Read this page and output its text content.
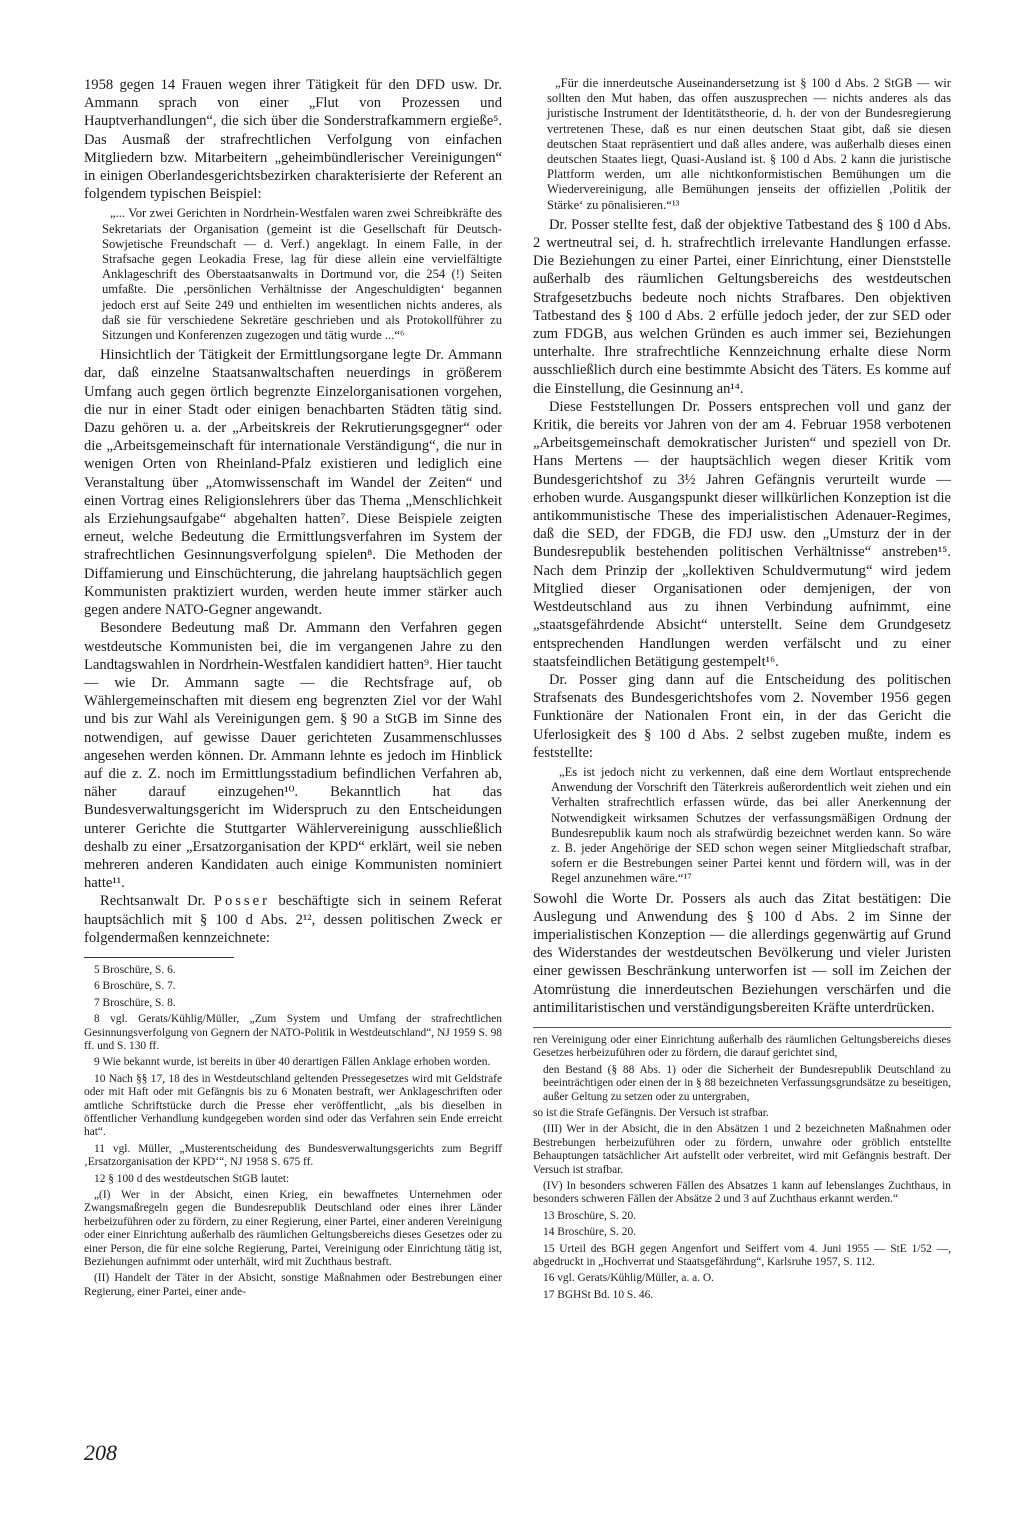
1958 gegen 14 Frauen wegen ihrer Tätigkeit für den DFD usw. Dr. Ammann sprach von einer „Flut von Prozessen und Hauptverhandlungen“, die sich über die Sonderstrafkammern ergieße⁵. Das Ausmaß der strafrechtlichen Verfolgung von einfachen Mitgliedern bzw. Mitarbeitern „geheimbündlerischer Vereinigungen“ in einigen Oberlandesgerichtsbezirken charakterisierte der Referent an folgendem typischen Beispiel:

„... Vor zwei Gerichten in Nordrhein-Westfalen waren zwei Schreibkräfte des Sekretariats der Organisation (gemeint ist die Gesellschaft für Deutsch-Sowjetische Freundschaft — d. Verf.) angeklagt. In einem Falle, in der Strafsache gegen Leokadia Frese, lag für diese allein eine vervielfältigte Anklageschrift des Oberstaatsanwalts in Dortmund vor, die 254 (!) Seiten umfaßte. Die ‚persönlichen Verhältnisse der Angeschuldigten‘ begannen jedoch erst auf Seite 249 und enthielten im wesentlichen nichts anderes, als daß sie für verschiedene Sekretäre geschrieben und als Protokollführer zu Sitzungen und Konferenzen zugezogen und tätig wurde ...“⁶

Hinsichtlich der Tätigkeit der Ermittlungsorgane legte Dr. Ammann dar, daß einzelne Staatsanwaltschaften neuerdings in größerem Umfang auch gegen örtlich begrenzte Einzelorganisationen vorgehen, die nur in einer Stadt oder einigen benachbarten Städten tätig sind. Dazu gehören u. a. der „Arbeitskreis der Rekrutierungsgegner“ oder die „Arbeitsgemeinschaft für internationale Verständigung“, die nur in wenigen Orten von Rheinland-Pfalz existieren und lediglich eine Veranstaltung über „Atomwissenschaft im Wandel der Zeiten“ und einen Vortrag eines Religionslehrers über das Thema „Menschlichkeit als Erziehungsaufgabe“ abgehalten hatten⁷. Diese Beispiele zeigten erneut, welche Bedeutung die Ermittlungsverfahren im System der strafrechtlichen Gesinnungsverfolgung spielen⁸. Die Methoden der Diffamierung und Einschüchterung, die jahrelang hauptsächlich gegen Kommunisten praktiziert wurden, werden heute immer stärker auch gegen andere NATO-Gegner angewandt.

Besondere Bedeutung maß Dr. Ammann den Verfahren gegen westdeutsche Kommunisten bei, die im vergangenen Jahre zu den Landtagswahlen in Nordrhein-Westfalen kandidiert hatten⁹. Hier taucht — wie Dr. Ammann sagte — die Rechtsfrage auf, ob Wählergemeinschaften mit diesem eng begrenzten Ziel vor der Wahl und bis zur Wahl als Vereinigungen gem. § 90 a StGB im Sinne des notwendigen, auf gewisse Dauer gerichteten Zusammenschlusses angesehen werden können. Dr. Ammann lehnte es jedoch im Hinblick auf die z. Z. noch im Ermittlungsstadium befindlichen Verfahren ab, näher darauf einzugehen¹⁰. Bekanntlich hat das Bundesverwaltungsgericht im Widerspruch zu den Entscheidungen unterer Gerichte die Stuttgarter Wählervereinigung ausschließlich deshalb zu einer „Ersatzorganisation der KPD“ erklärt, weil sie neben mehreren anderen Kandidaten auch einige Kommunisten nominiert hatte¹¹.

Rechtsanwalt Dr. Posser beschäftigte sich in seinem Referat hauptsächlich mit § 100 d Abs. 2¹², dessen politischen Zweck er folgendermaßen kennzeichnete:

5 Broschüre, S. 6.

6 Broschüre, S. 7.

7 Broschüre, S. 8.

8 vgl. Gerats/Kühlig/Müller, „Zum System und Umfang der strafrechtlichen Gesinnungsverfolgung von Gegnern der NATO-Politik in Westdeutschland“, NJ 1959 S. 98 ff. und S. 130 ff.

9 Wie bekannt wurde, ist bereits in über 40 derartigen Fällen Anklage erhoben worden.

10 Nach §§ 17, 18 des in Westdeutschland geltenden Pressegesetzes wird mit Geldstrafe oder mit Haft oder mit Gefängnis bis zu 6 Monaten bestraft, wer Anklageschriften oder amtliche Schriftstücke durch die Presse eher veröffentlicht, „als bis dieselben in öffentlicher Verhandlung kundgegeben worden sind oder das Verfahren sein Ende erreicht hat“.

11 vgl. Müller, „Musterentscheidung des Bundesverwaltungsgerichts zum Begriff ‚Ersatzorganisation der KPD‘“, NJ 1958 S. 675 ff.

12 § 100 d des westdeutschen StGB lautet:

„(I) Wer in der Absicht, einen Krieg, ein bewaffnetes Unternehmen oder Zwangsmaßregeln gegen die Bundesrepublik Deutschland oder eines ihrer Länder herbeizuführen oder zu fördern, zu einer Regierung, einer Partei, einer anderen Vereinigung oder einer Einrichtung außerhalb des räumlichen Geltungsbereichs dieses Gesetzes oder zu einer Person, die für eine solche Regierung, Partei, Vereinigung oder Einrichtung tätig ist, Beziehungen aufnimmt oder unterhält, wird mit Zuchthaus bestraft.

(II) Handelt der Täter in der Absicht, sonstige Maßnahmen oder Bestrebungen einer Regierung, einer Partei, einer ande-

„Für die innerdeutsche Auseinandersetzung ist § 100 d Abs. 2 StGB — wir sollten den Mut haben, das offen auszusprechen — nichts anderes als das juristische Instrument der Identitätstheorie, d. h. der von der Bundesregierung vertretenen These, daß es nur einen deutschen Staat gibt, daß sie diesen deutschen Staat repräsentiert und daß alles andere, was außerhalb dieses einen deutschen Staates liegt, Quasi-Ausland ist. § 100 d Abs. 2 kann die juristische Plattform werden, um alle nichtkonformistischen Bemühungen um die Wiedervereinigung, alle Bemühungen jenseits der offiziellen ‚Politik der Stärke‘ zu pönalisieren.“¹³

Dr. Posser stellte fest, daß der objektive Tatbestand des § 100 d Abs. 2 wertneutral sei, d. h. strafrechtlich irrelevante Handlungen erfasse. Die Beziehungen zu einer Partei, einer Einrichtung, einer Dienststelle außerhalb des räumlichen Geltungsbereichs des westdeutschen Strafgesetzbuchs bedeute noch nichts Strafbares. Den objektiven Tatbestand des § 100 d Abs. 2 erfülle jedoch jeder, der zur SED oder zum FDGB, aus welchen Gründen es auch immer sei, Beziehungen unterhalte. Ihre strafrechtliche Kennzeichnung erhalte diese Norm ausschließlich durch eine bestimmte Absicht des Täters. Es komme auf die Einstellung, die Gesinnung an¹⁴.

Diese Feststellungen Dr. Possers entsprechen voll und ganz der Kritik, die bereits vor Jahren von der am 4. Februar 1958 verbotenen „Arbeitsgemeinschaft demokratischer Juristen“ und speziell von Dr. Hans Mertens — der hauptsächlich wegen dieser Kritik vom Bundesgerichtshof zu 3½ Jahren Gefängnis verurteilt wurde — erhoben wurde. Ausgangspunkt dieser willkürlichen Konzeption ist die antikommunistische These des imperialistischen Adenauer-Regimes, daß die SED, der FDGB, die FDJ usw. den „Umsturz der in der Bundesrepublik bestehenden politischen Verhältnisse“ anstreben¹⁵. Nach dem Prinzip der „kollektiven Schuldvermutung“ wird jedem Mitglied dieser Organisationen oder demjenigen, der von Westdeutschland aus zu ihnen Verbindung aufnimmt, eine „staatsgefährdende Absicht“ unterstellt. Seine dem Grundgesetz entsprechenden Handlungen werden verfälscht und zu einer staatsfeindlichen Betätigung gestempelt¹⁶.

Dr. Posser ging dann auf die Entscheidung des politischen Strafsenats des Bundesgerichtshofes vom 2. November 1956 gegen Funktionäre der Nationalen Front ein, in der das Gericht die Uferlosigkeit des § 100 d Abs. 2 selbst zugeben mußte, indem es feststellte:

„Es ist jedoch nicht zu verkennen, daß eine dem Wortlaut entsprechende Anwendung der Vorschrift den Täterkreis außerordentlich weit ziehen und ein Verhalten strafrechtlich erfassen würde, das bei aller Anerkennung der Notwendigkeit wirksamen Schutzes der verfassungsmäßigen Ordnung der Bundesrepublik kaum noch als strafwürdig bezeichnet werden kann. So wäre z. B. jeder Angehörige der SED schon wegen seiner Mitgliedschaft strafbar, sofern er die Bestrebungen seiner Partei kennt und fördern will, was in der Regel anzunehmen wäre.“¹⁷

Sowohl die Worte Dr. Possers als auch das Zitat bestätigen: Die Auslegung und Anwendung des § 100 d Abs. 2 im Sinne der imperialistischen Konzeption — die allerdings gegenwärtig auf Grund des Widerstandes der westdeutschen Bevölkerung und vieler Juristen einer gewissen Beschränkung unterworfen ist — soll im Zeichen der Atomrüstung die innerdeutschen Beziehungen verschärfen und die antimilitaristischen und verständigungsbereiten Kräfte unterdrücken.

ren Vereinigung oder einer Einrichtung außerhalb des räumlichen Geltungsbereichs dieses Gesetzes herbeizuführen oder zu fördern, die darauf gerichtet sind,

den Bestand (§ 88 Abs. 1) oder die Sicherheit der Bundesrepublik Deutschland zu beeinträchtigen oder einen der in § 88 bezeichneten Verfassungsgrundsätze zu beseitigen, außer Geltung zu setzen oder zu untergraben,

so ist die Strafe Gefängnis. Der Versuch ist strafbar.

(III) Wer in der Absicht, die in den Absätzen 1 und 2 bezeichneten Maßnahmen oder Bestrebungen herbeizuführen oder zu fördern, unwahre oder gröblich entstellte Behauptungen tatsächlicher Art aufstellt oder verbreitet, wird mit Gefängnis bestraft. Der Versuch ist strafbar.

(IV) In besonders schweren Fällen des Absatzes 1 kann auf lebenslanges Zuchthaus, in besonders schweren Fällen der Absätze 2 und 3 auf Zuchthaus erkannt werden.“

13 Broschüre, S. 20.

14 Broschüre, S. 20.

15 Urteil des BGH gegen Angenfort und Seiffert vom 4. Juni 1955 — StE 1/52 —, abgedruckt in „Hochverrat und Staatsgefährdung“, Karlsruhe 1957, S. 112.

16 vgl. Gerats/Kühlig/Müller, a. a. O.

17 BGHSt Bd. 10 S. 46.

208
